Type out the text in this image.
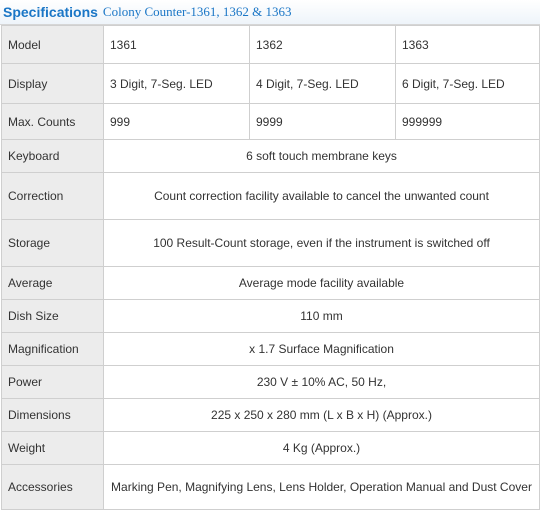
Specifications Colony Counter-1361, 1362 & 1363
Model	1361	1362	1363
Display	3 Digit, 7-Seg. LED	4 Digit, 7-Seg. LED	6 Digit, 7-Seg. LED
Max. Counts	999	9999	999999
Keyboard	6 soft touch membrane keys		
Correction	Count correction facility available to cancel the unwanted count		
Storage	100 Result-Count storage, even if the instrument is switched off		
Average	Average mode facility available		
Dish Size	110 mm		
Magnification	x 1.7 Surface Magnification		
Power	230 V ± 10% AC, 50 Hz,		
Dimensions	225 x 250 x 280 mm (L x B x H) (Approx.)		
Weight	4 Kg (Approx.)		
Accessories	Marking Pen, Magnifying Lens, Lens Holder, Operation Manual and Dust Cover		
